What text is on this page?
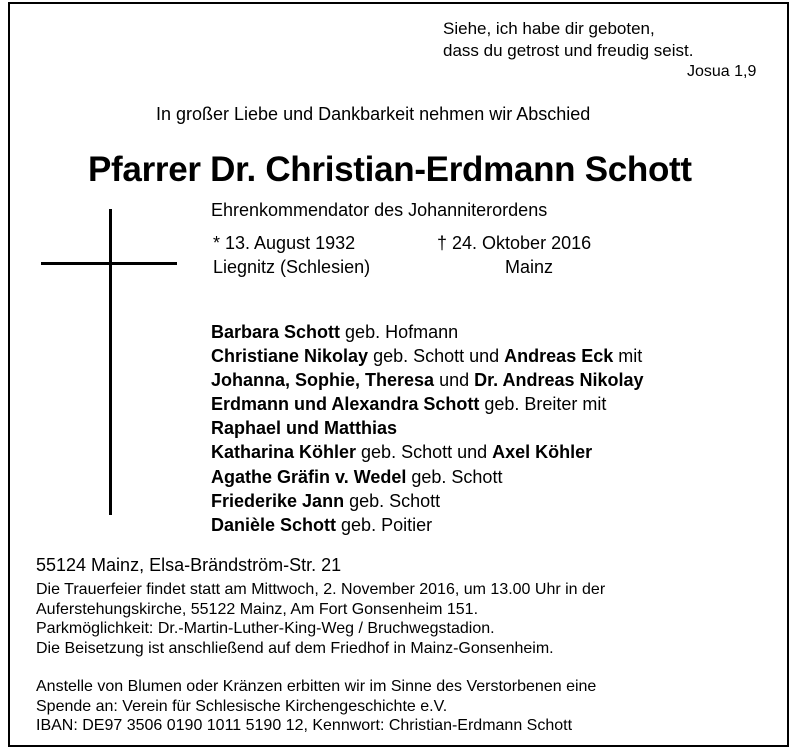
Siehe, ich habe dir geboten,
dass du getrost und freudig seist.
Josua 1,9
In großer Liebe und Dankbarkeit nehmen wir Abschied
Pfarrer Dr. Christian-Erdmann Schott
Ehrenkommendator des Johanniterordens
* 13. August 1932
Liegnitz (Schlesien)
† 24. Oktober 2016
Mainz
Barbara Schott geb. Hofmann
Christiane Nikolay geb. Schott und Andreas Eck mit
Johanna, Sophie, Theresa und Dr. Andreas Nikolay
Erdmann und Alexandra Schott geb. Breiter mit
Raphael und Matthias
Katharina Köhler geb. Schott und Axel Köhler
Agathe Gräfin v. Wedel geb. Schott
Friederike Jann geb. Schott
Danièle Schott geb. Poitier
55124 Mainz, Elsa-Brändström-Str. 21
Die Trauerfeier findet statt am Mittwoch, 2. November 2016, um 13.00 Uhr in der
Auferstehungskirche, 55122 Mainz, Am Fort Gonsenheim 151.
Parkmöglichkeit: Dr.-Martin-Luther-King-Weg / Bruchwegstadion.
Die Beisetzung ist anschließend auf dem Friedhof in Mainz-Gonsenheim.
Anstelle von Blumen oder Kränzen erbitten wir im Sinne des Verstorbenen eine
Spende an: Verein für Schlesische Kirchengeschichte e.V.
IBAN: DE97 3506 0190 1011 5190 12, Kennwort: Christian-Erdmann Schott
